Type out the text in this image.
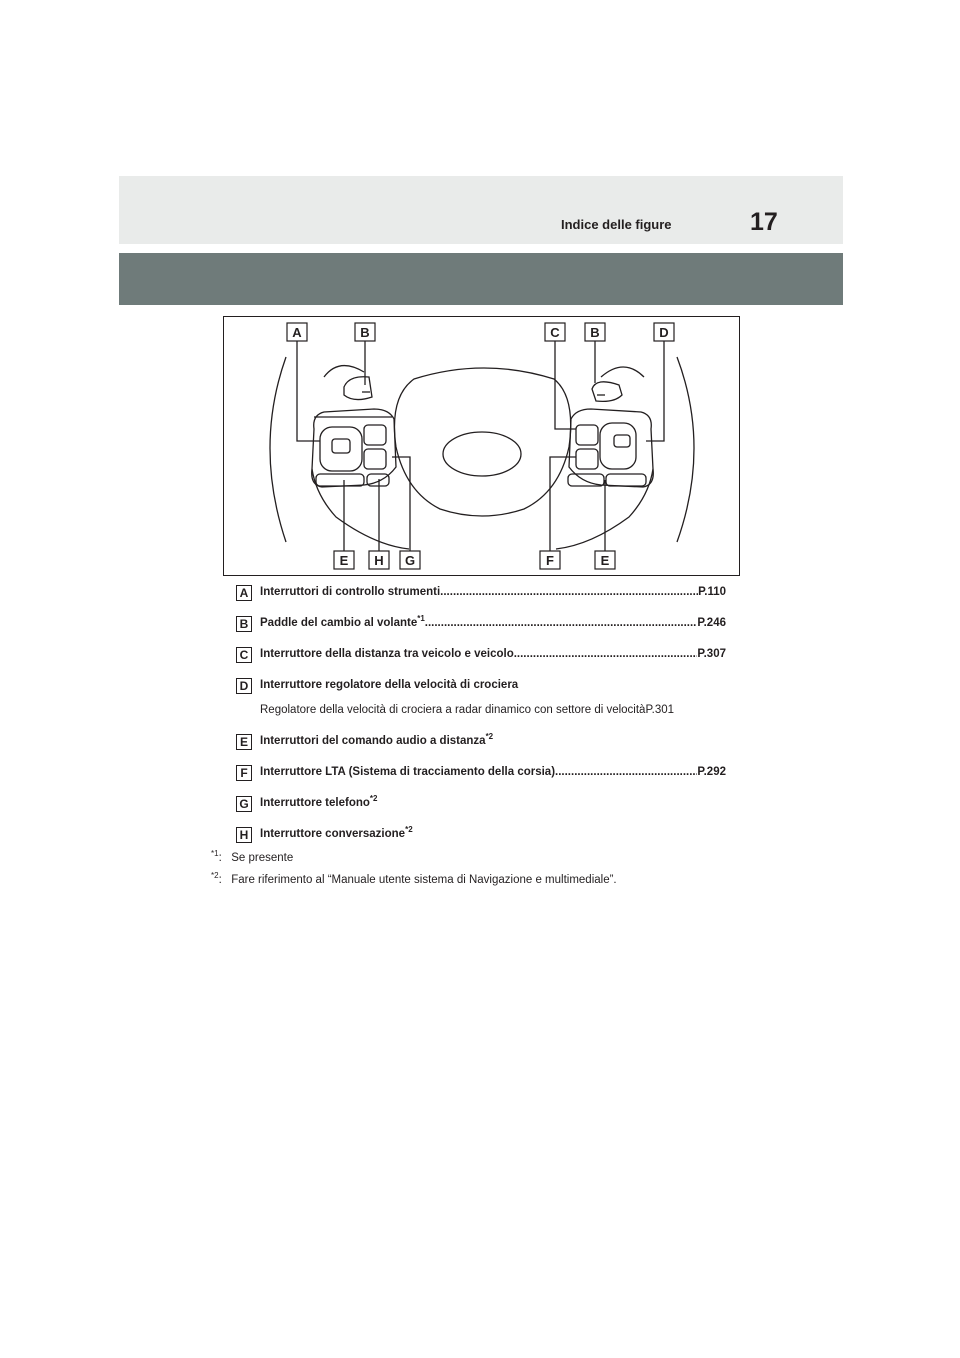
Indice delle figure	17
A	B	C B	D
E H G	F	E
A	Interruttori di controllo strumenti .....	P.110
B	Paddle del cambio al volante$^{*1}$ .....	P.246
C	Interruttore della distanza tra veicolo e veicolo .....	P.307
D	Interruttore regolatore della velocità di crociera
Regolatore della velocità di crociera a radar dinamico con settore di velocità P.301
E	Interruttori del comando audio a distanza$^{*2}$
F	Interruttore LTA (Sistema di tracciamento della corsia) .....	P.292
G Interruttore telefono$^{*2}$
H	Interruttore conversazione$^{*2}$
$^{*1}$: Se presente
$^{*2}$: Fare riferimento al “Manuale utente sistema di Navigazione e multimediale”.
